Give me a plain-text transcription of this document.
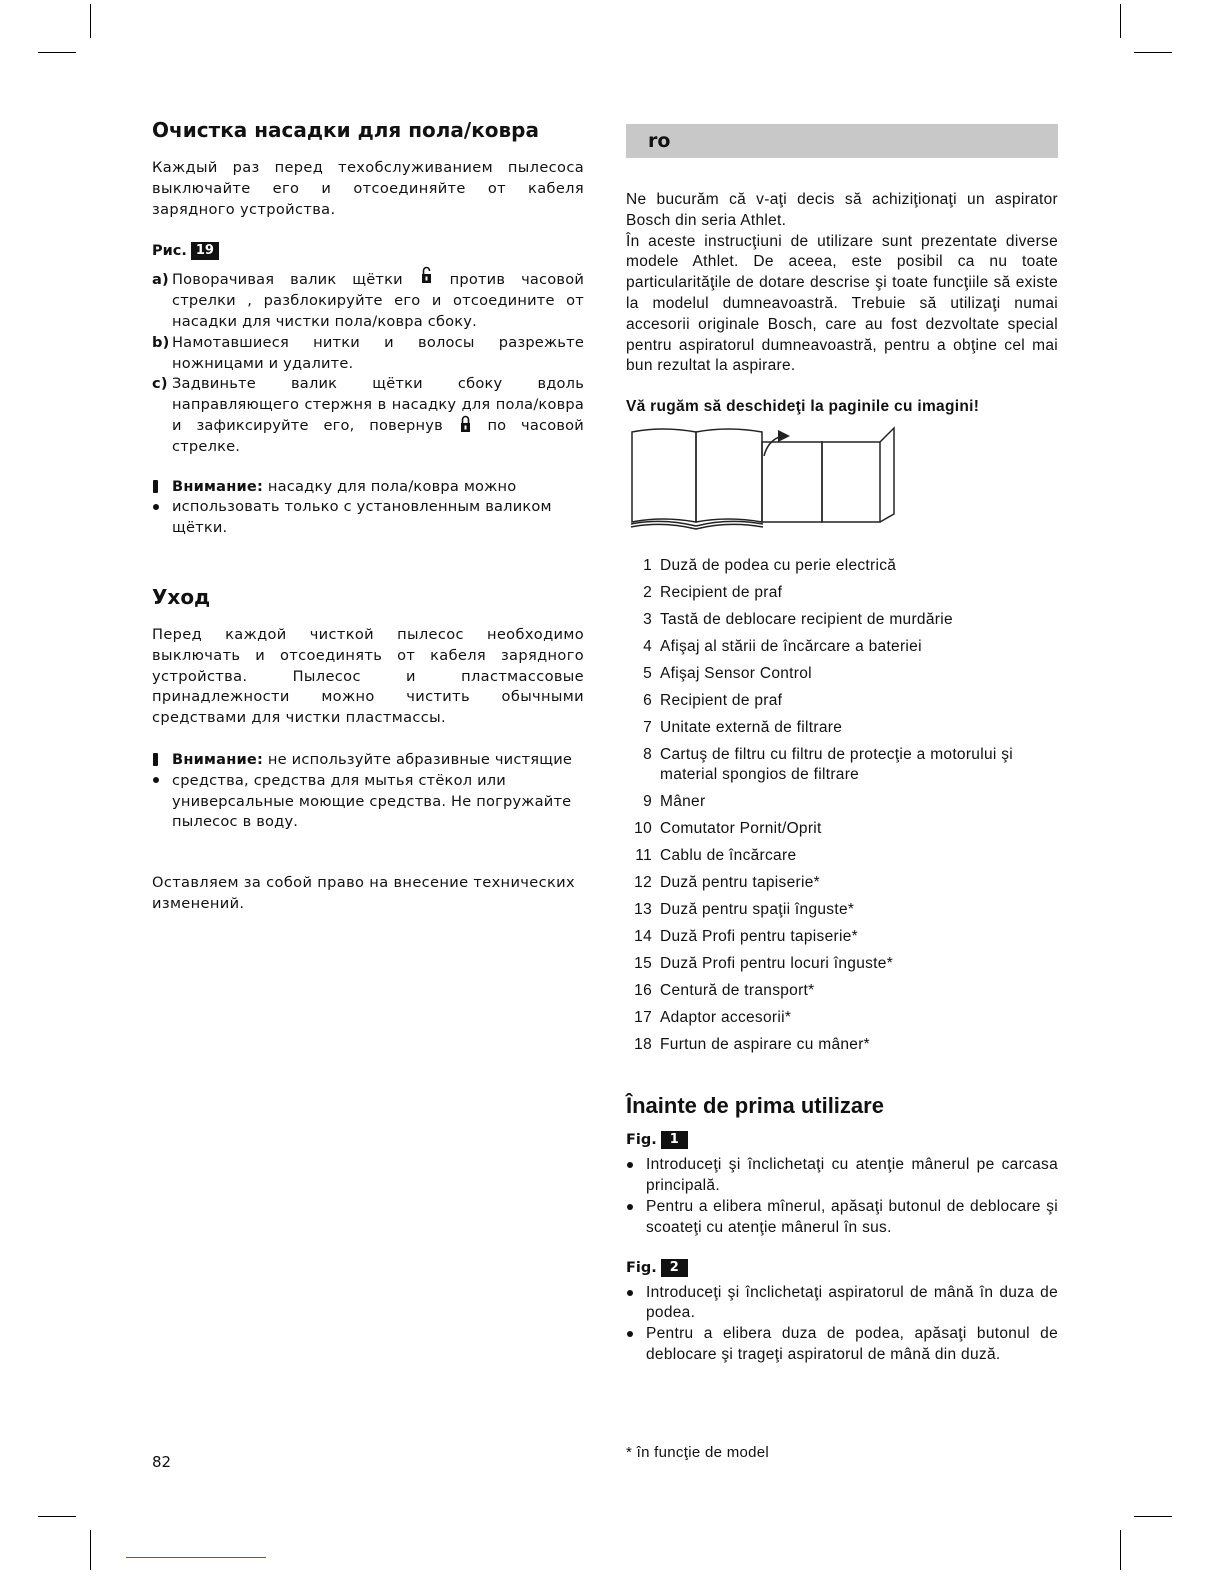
Очистка насадки для пола/ковра

Каждый раз перед техобслуживанием пылесоса выключайте его и отсоединяйте от кабеля зарядного устройства.

Рис. 19
a) Поворачивая валик щётки	против часовой стрелки , разблокируйте его и отсоедините от насадки для чистки пола/ковра сбоку.
b) Намотавшиеся нитки и волосы разрежьте ножницами и удалите.
c) Задвиньте валик щётки сбоку вдоль направляющего стержня в насадку для пола/ковра и зафиксируйте его, повернув	по часовой стрелке.
Внимание: насадку для пола/ковра можно использовать только с установленным валиком щётки.
Уход

Перед каждой чисткой пылесос необходимо выключать и отсоединять от кабеля зарядного устройства. Пылесос и пластмассовые принадлежности можно чистить обычными средствами для чистки пластмассы.

Внимание: не используйте абразивные чистящие средства, средства для мытья стёкол или универсальные моющие средства. Не погружайте пылесос в воду.

Оставляем за собой право на внесение технических изменений.

ro

Ne bucurăm că v-aţi decis să achiziţionaţi un aspirator Bosch din seria Athlet.
În aceste instrucţiuni de utilizare sunt prezentate diverse modele Athlet. De aceea, este posibil ca nu toate particularităţile de dotare descrise şi toate funcţiile să existe la modelul dumneavoastră. Trebuie să utilizaţi numai accesorii originale Bosch, care au fost dezvoltate special pentru aspiratorul dumneavoastră, pentru a obţine cel mai bun rezultat la aspirare.

Vă rugăm să deschideţi la paginile cu imagini!

1 Duză de podea cu perie electrică
2 Recipient de praf
3 Tastă de deblocare recipient de murdărie
4 Afişaj al stării de încărcare a bateriei
5 Afişaj Sensor Control
6 Recipient de praf
7 Unitate externă de filtrare
8 Cartuş de filtru cu filtru de protecţie a motorului şi material spongios de filtrare
9 Mâner
10 Comutator Pornit/Oprit
11 Cablu de încărcare
12 Duză pentru tapiserie*
13 Duză pentru spaţii înguste*
14 Duză Profi pentru tapiserie*
15 Duză Profi pentru locuri înguste*
16 Centură de transport*
17 Adaptor accesorii*
18 Furtun de aspirare cu mâner*
Înainte de prima utilizare
Fig.	1
Introduceţi şi înclichetaţi cu atenţie mânerul pe carcasa principală.
Pentru a elibera mînerul, apăsaţi butonul de deblocare şi scoateţi cu atenţie mânerul în sus.
Fig.	2
Introduceţi şi înclichetaţi aspiratorul de mână în duza de podea.
Pentru a elibera duza de podea, apăsaţi butonul de deblocare şi trageţi aspiratorul de mână din duză.
* în funcţie de model
82
